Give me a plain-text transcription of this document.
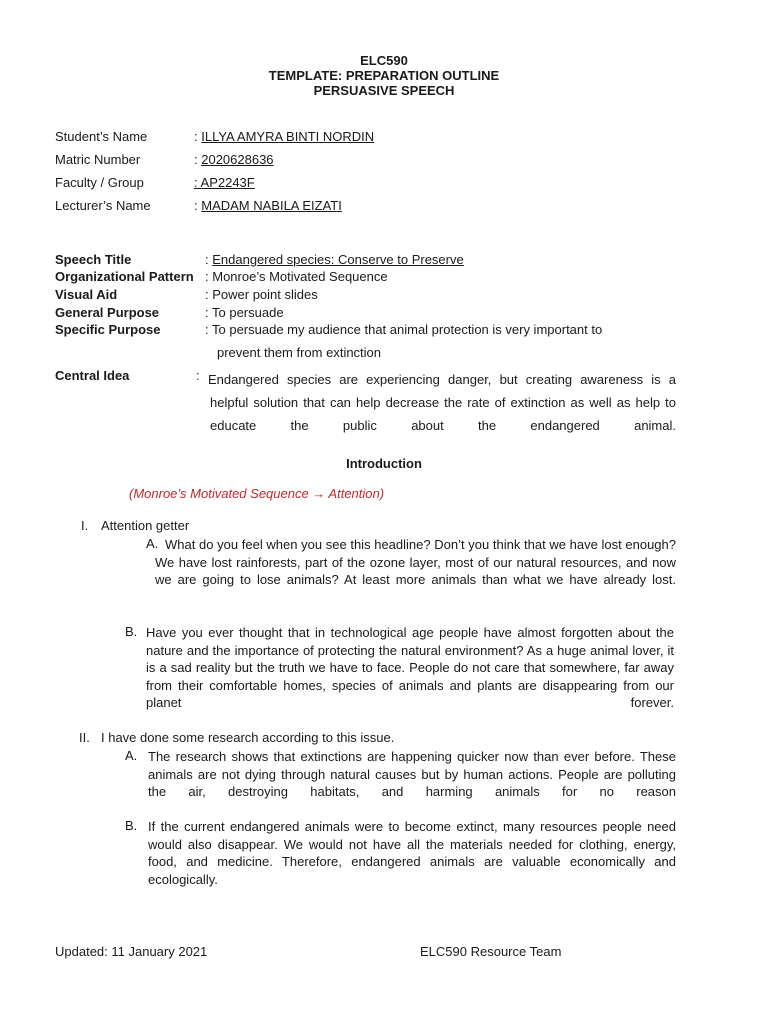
ELC590
TEMPLATE: PREPARATION OUTLINE
PERSUASIVE SPEECH
Student’s Name	: ILLYA AMYRA BINTI NORDIN
Matric Number	: 2020628636
Faculty / Group	: AP2243F
Lecturer’s Name	: MADAM NABILA EIZATI
Speech Title	: Endangered species: Conserve to Preserve
Organizational Pattern : Monroe’s Motivated Sequence
Visual Aid	: Power point slides
General Purpose	: To persuade
Specific Purpose	: To persuade my audience that animal protection is very important to
prevent them from extinction
Central Idea	: Endangered species are experiencing danger, but creating awareness is a helpful solution that can help decrease the rate of extinction as well as help to educate the public about the endangered animal.
Introduction
(Monroe’s Motivated Sequence → Attention)
I. Attention getter
A. What do you feel when you see this headline? Don’t you think that we have lost enough? We have lost rainforests, part of the ozone layer, most of our natural resources, and now we are going to lose animals? At least more animals than what we have already lost.
B. Have you ever thought that in technological age people have almost forgotten about the nature and the importance of protecting the natural environment? As a huge animal lover, it is a sad reality but the truth we have to face. People do not care that somewhere, far away from their comfortable homes, species of animals and plants are disappearing from our planet forever.
II. I have done some research according to this issue.
A. The research shows that extinctions are happening quicker now than ever before. These animals are not dying through natural causes but by human actions. People are polluting the air, destroying habitats, and harming animals for no reason
B. If the current endangered animals were to become extinct, many resources people need would also disappear. We would not have all the materials needed for clothing, energy, food, and medicine. Therefore, endangered animals are valuable economically and ecologically.
Updated: 11 January 2021	ELC590 Resource Team
